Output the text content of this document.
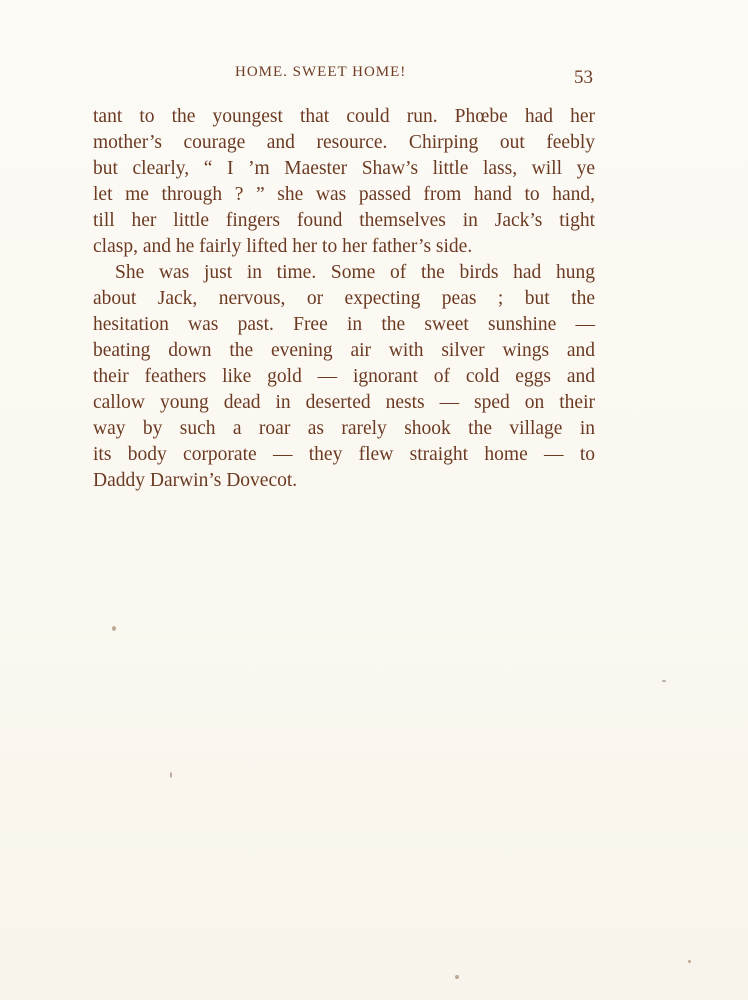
HOME. SWEET HOME!	53
tant to the youngest that could run. Phœbe had her
mother’s courage and resource. Chirping out feebly
but clearly, “ I ’m Maester Shaw’s little lass, will ye
let me through ? ” she was passed from hand to hand,
till her little fingers found themselves in Jack’s tight
clasp, and he fairly lifted her to her father’s side.
She was just in time. Some of the birds had hung
about Jack, nervous, or expecting peas ; but the
hesitation was past. Free in the sweet sunshine —
beating down the evening air with silver wings and
their feathers like gold — ignorant of cold eggs and
callow young dead in deserted nests — sped on their
way by such a roar as rarely shook the village in
its body corporate — they flew straight home — to
Daddy Darwin’s Dovecot.
